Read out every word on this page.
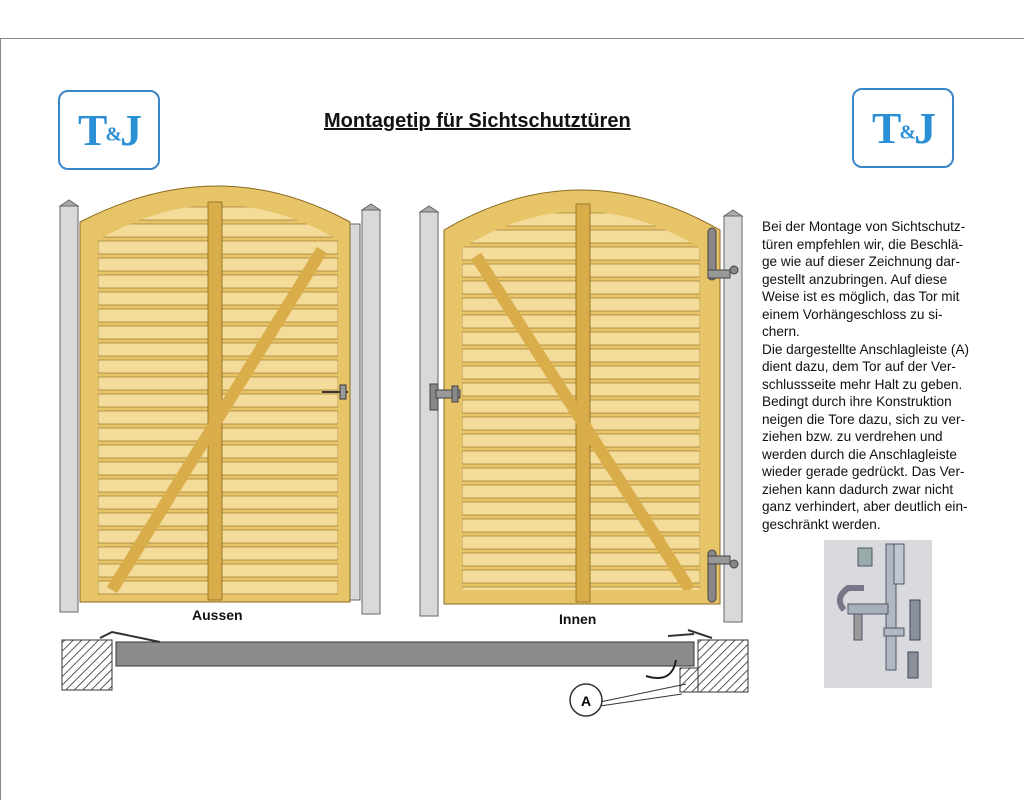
T&J	T&J
Montagetip für Sichtschutztüren
A
Aussen	Innen
Bei der Montage von Sichtschutz-
türen empfehlen wir, die Beschlä-
ge wie auf dieser Zeichnung dar-
gestellt anzubringen. Auf diese
Weise ist es möglich, das Tor mit
einem Vorhängeschloss zu si-
chern.
Die dargestellte Anschlagleiste (A)
dient dazu, dem Tor auf der Ver-
schlussseite mehr Halt zu geben.
Bedingt durch ihre Konstruktion
neigen die Tore dazu, sich zu ver-
ziehen bzw. zu verdrehen und
werden durch die Anschlagleiste
wieder gerade gedrückt. Das Ver-
ziehen kann dadurch zwar nicht
ganz verhindert, aber deutlich ein-
geschränkt werden.
